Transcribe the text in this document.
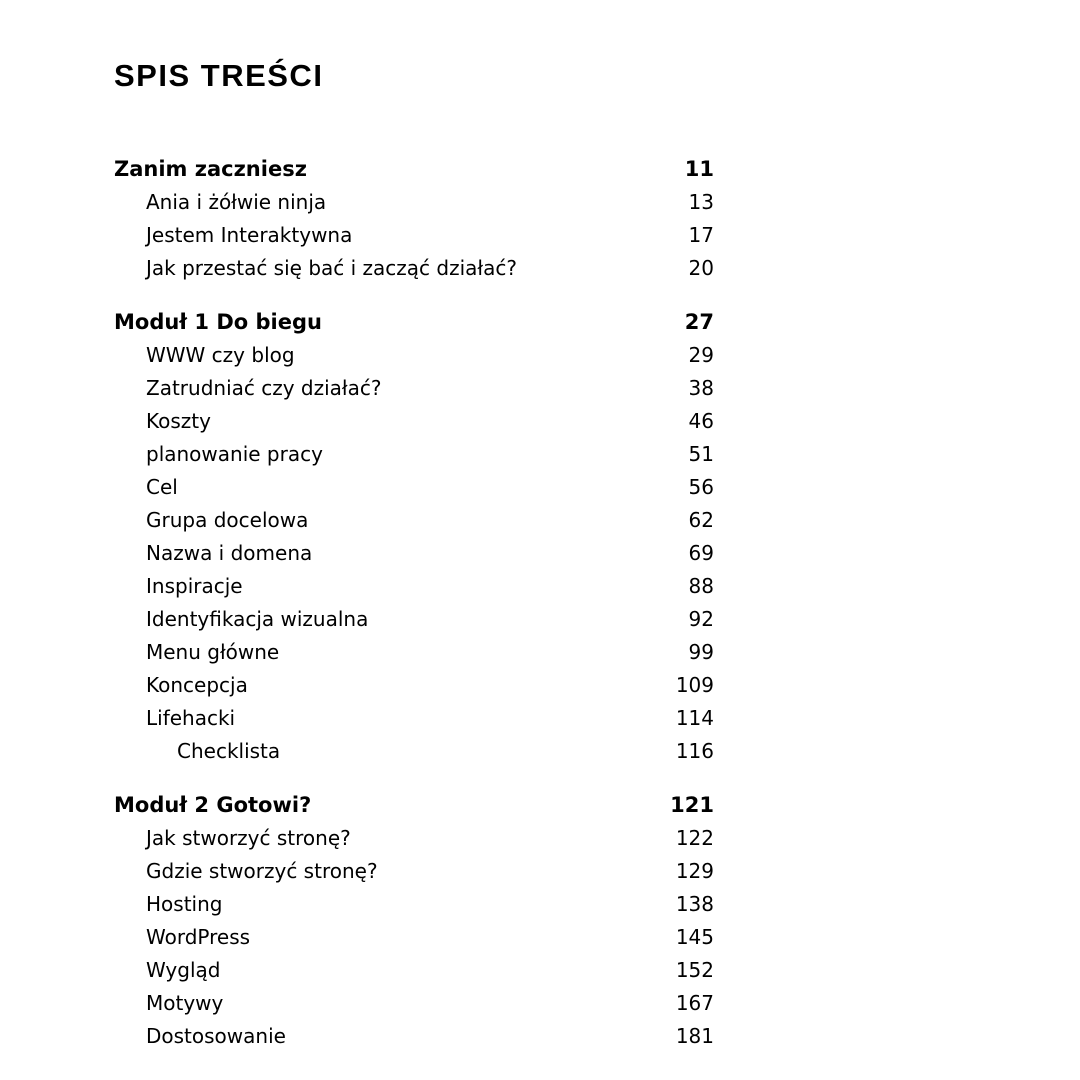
SPIS TREŚCI
Zanim zaczniesz	11
Ania i żółwie ninja	13
Jestem Interaktywna	17
Jak przestać się bać i zacząć działać?	20
Moduł 1 Do biegu	27
WWW czy blog	29
Zatrudniać czy działać?	38
Koszty	46
planowanie pracy	51
Cel	56
Grupa docelowa	62
Nazwa i domena	69
Inspiracje	88
Identyfikacja wizualna	92
Menu główne	99
Koncepcja	109
Lifehacki	114
Checklista	116
Moduł 2 Gotowi?	121
Jak stworzyć stronę?	122
Gdzie stworzyć stronę?	129
Hosting	138
WordPress	145
Wygląd	152
Motywy	167
Dostosowanie	181
